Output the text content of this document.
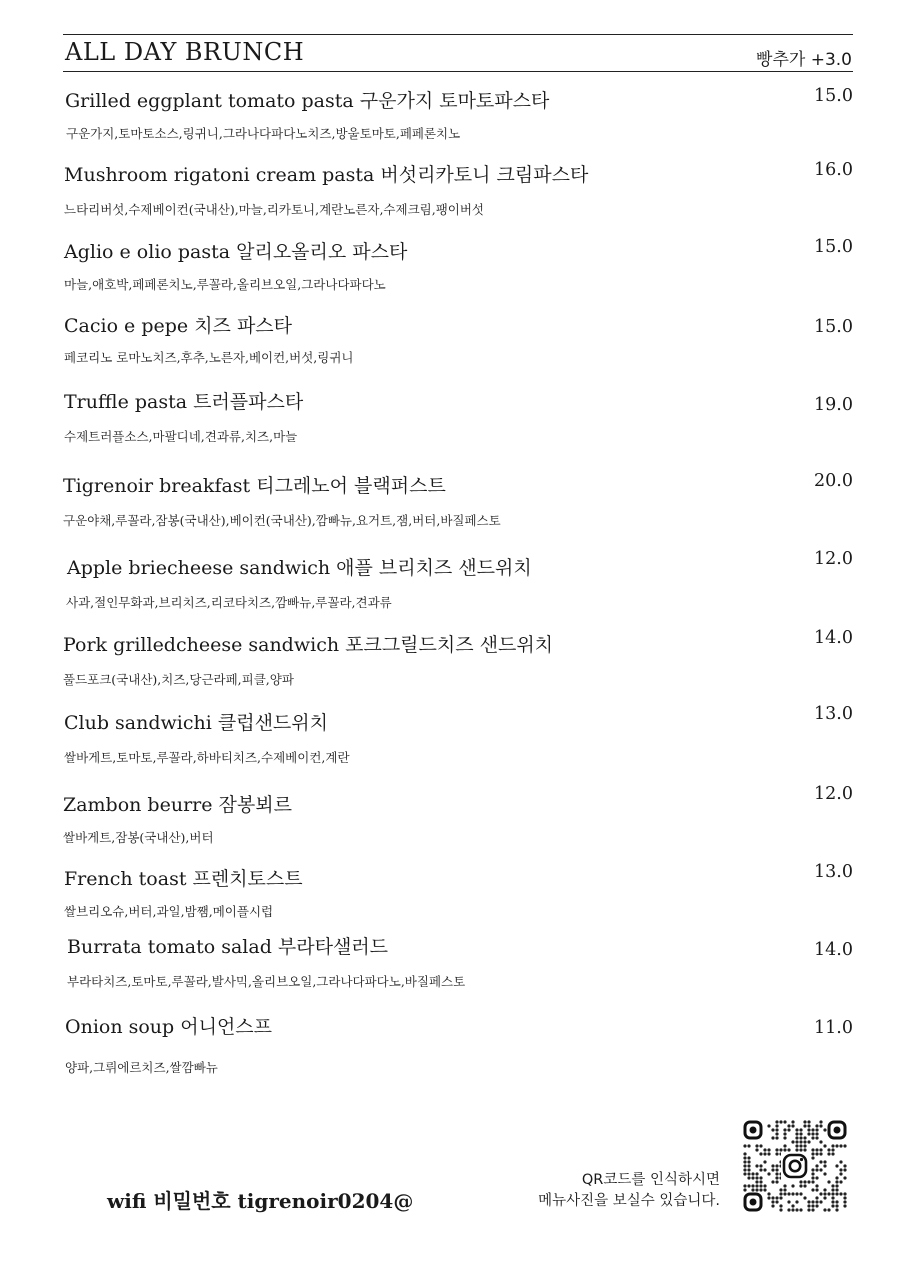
ALL DAY BRUNCH	빵추가 +3.0
Grilled eggplant tomato pasta 구운가지 토마토파스타	15.0
구운가지,토마토소스,링귀니,그라나다파다노치즈,방울토마토,페페론치노
Mushroom rigatoni cream pasta 버섯리카토니 크림파스타	16.0
느타리버섯,수제베이컨(국내산),마늘,리카토니,계란노른자,수제크림,팽이버섯
Aglio e olio pasta 알리오올리오 파스타	15.0
마늘,애호박,페페론치노,루꼴라,올리브오일,그라나다파다노
Cacio e pepe 치즈 파스타	15.0
페코리노 로마노치즈,후추,노른자,베이컨,버섯,링귀니
Truffle pasta 트러플파스타	19.0
수제트러플소스,마팔디네,견과류,치즈,마늘
Tigrenoir breakfast 티그레노어 블랙퍼스트	20.0
구운야채,루꼴라,잠봉(국내산),베이컨(국내산),깜빠뉴,요거트,잼,버터,바질페스토
Apple briecheese sandwich 애플 브리치즈 샌드위치	12.0
사과,절인무화과,브리치즈,리코타치즈,깜빠뉴,루꼴라,견과류
Pork grilledcheese sandwich 포크그릴드치즈 샌드위치	14.0
풀드포크(국내산),치즈,당근라페,피클,양파
Club sandwichi 클럽샌드위치	13.0
쌀바게트,토마토,루꼴라,하바티치즈,수제베이컨,계란
Zambon beurre 잠봉뵈르	12.0
쌀바게트,잠봉(국내산),버터
French toast 프렌치토스트	13.0
쌀브리오슈,버터,과일,밤쨈,메이플시럽
Burrata tomato salad 부라타샐러드	14.0
부라타치즈,토마토,루꼴라,발사믹,올리브오일,그라나다파다노,바질페스토
Onion soup 어니언스프	11.0
양파,그뤼에르치즈,쌀깜빠뉴
wifi 비밀번호 tigrenoir0204@
QR코드를 인식하시면
메뉴사진을 보실수 있습니다.
